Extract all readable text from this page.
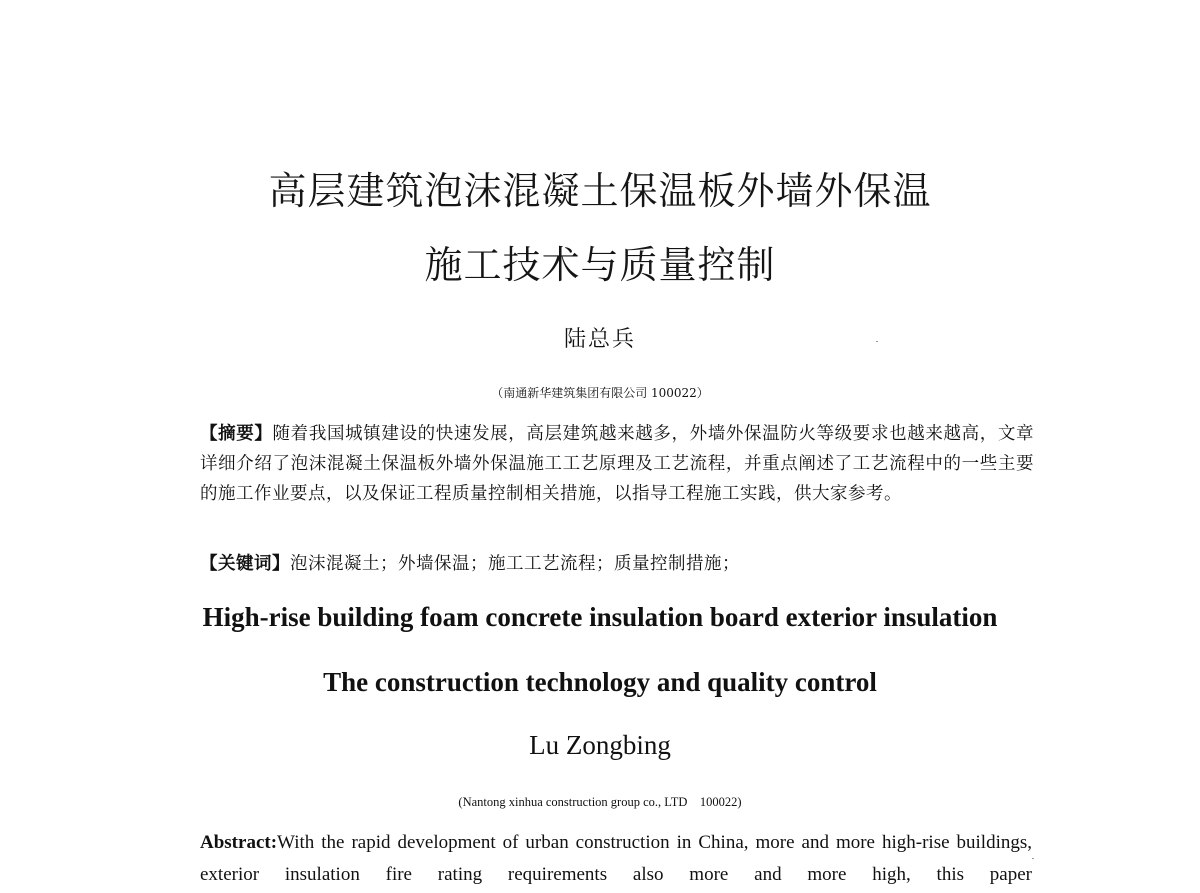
高层建筑泡沫混凝土保温板外墙外保温
施工技术与质量控制
陆总兵
（南通新华建筑集团有限公司 100022）
【摘要】随着我国城镇建设的快速发展，高层建筑越来越多，外墙外保温防火等级要求也越来越高，文章详细介绍了泡沫混凝土保温板外墙外保温施工工艺原理及工艺流程，并重点阐述了工艺流程中的一些主要的施工作业要点，以及保证工程质量控制相关措施，以指导工程施工实践，供大家参考。
【关键词】泡沫混凝土；外墙保温；施工工艺流程；质量控制措施；
High-rise building foam concrete insulation board exterior insulation
The construction technology and quality control
Lu Zongbing
(Nantong xinhua construction group co., LTD　100022)
Abstract:With the rapid development of urban construction in China, more and more high-rise buildings, exterior insulation fire rating requirements also more and more high, this paper
